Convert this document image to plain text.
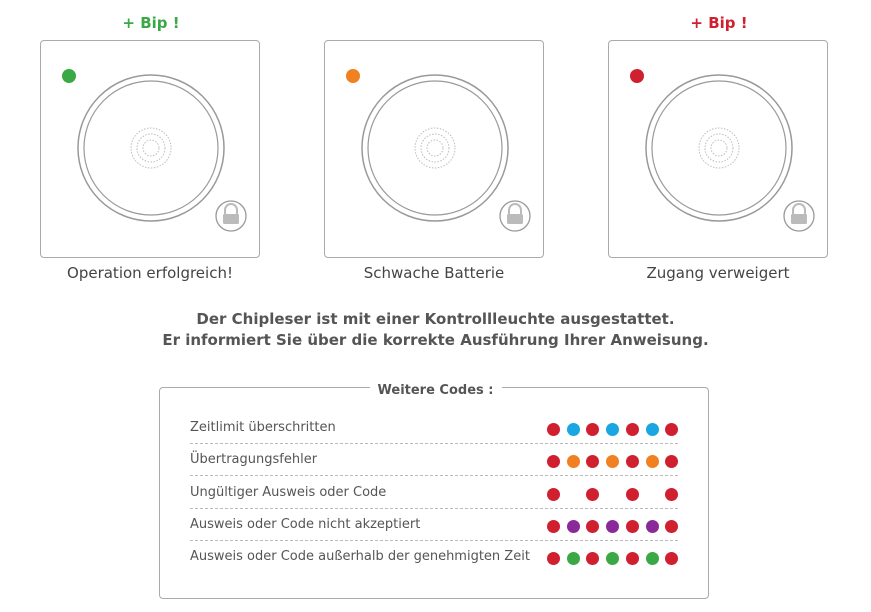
+ Bip !
Operation erfolgreich!	Schwache Batterie
+ Bip !
Zugang verweigert
Der Chipleser ist mit einer Kontrollleuchte ausgestattet.
Er informiert Sie über die korrekte Ausführung Ihrer Anweisung.
Weitere Codes :
Zeitlimit überschritten
Übertragungsfehler
Ungültiger Ausweis oder Code
Ausweis oder Code nicht akzeptiert
Ausweis oder Code außerhalb der genehmigten Zeit
